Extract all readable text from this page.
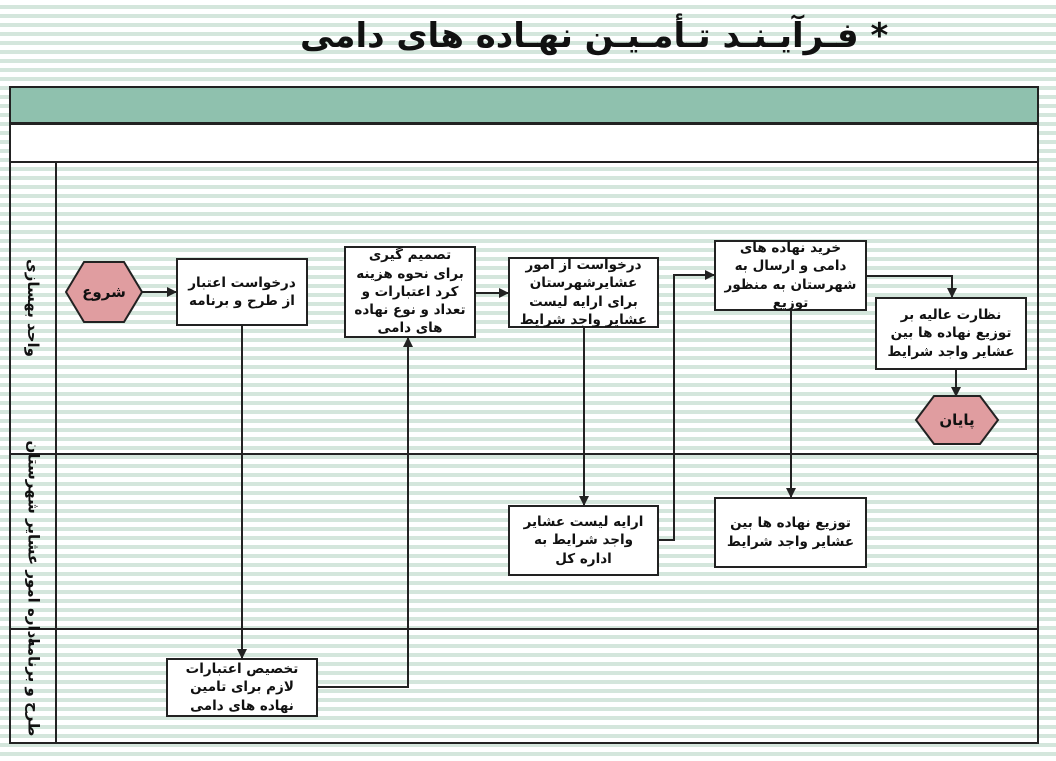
* فـرآیـنـد تـأمـیـن نهـاده های دامی
واحد بهسازی
اداره امور عشایر شهرستان
طرح و برنامه
شروع
پایان
درخواست اعتبار از طرح و برنامه
تصمیم گیری برای نحوه هزینه کرد اعتبارات و تعداد و نوع نهاده های دامی
درخواست از امور عشایرشهرستان برای ارایه لیست عشایر واجد شرایط
خرید نهاده های دامی و ارسال به شهرستان به منظور توزیع
نظارت عالیه بر توزیع نهاده ها بین عشایر واجد شرایط
ارایه لیست عشایر واجد شرایط به اداره کل
توزیع نهاده ها بین عشایر واجد شرایط
تخصیص اعتبارات لازم برای تامین نهاده های دامی
